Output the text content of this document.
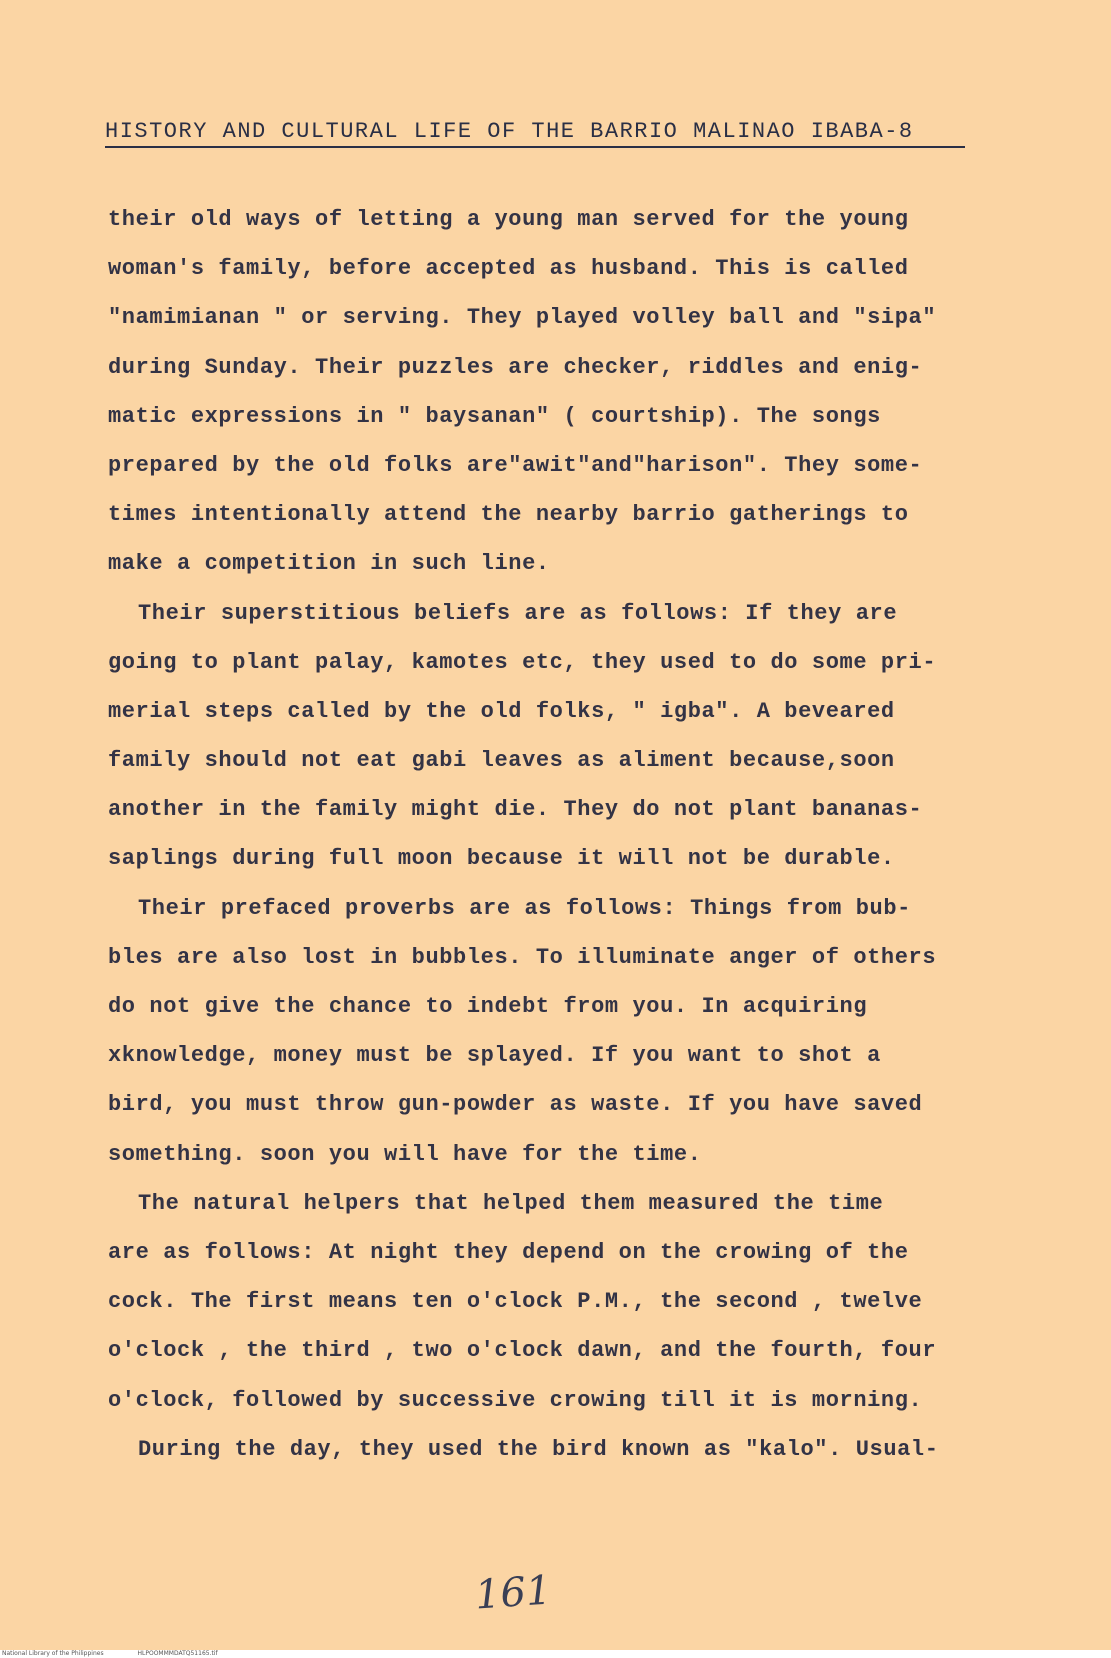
HISTORY AND CULTURAL LIFE OF THE BARRIO MALINAO IBABA-8
their old ways of letting a young man served for the young
woman's family, before accepted as husband. This is called
"namimianan " or serving. They played volley ball and "sipa"
during Sunday. Their puzzles are checker, riddles and enig-
matic expressions in " baysanan" ( courtship). The songs
prepared by the old folks are"awit"and"harison". They some-
times intentionally attend the nearby barrio gatherings to
make a competition in such line.
Their superstitious beliefs are as follows: If they are
going to plant palay, kamotes etc, they used to do some pri-
merial steps called by the old folks, " igba". A beveared
family should not eat gabi leaves as aliment because,soon
another in the family might die. They do not plant bananas-
saplings during full moon because it will not be durable.
Their prefaced proverbs are as follows: Things from bub-
bles are also lost in bubbles. To illuminate anger of others
do not give the chance to indebt from you. In acquiring
xknowledge, money must be splayed. If you want to shot a
bird, you must throw gun-powder as waste. If you have saved
something. soon you will have for the time.
The natural helpers that helped them measured the time
are as follows: At night they depend on the crowing of the
cock. The first means ten o'clock P.M., the second , twelve
o'clock , the third , two o'clock dawn, and the fourth, four
o'clock, followed by successive crowing till it is morning.
During the day, they used the bird known as "kalo". Usual-
161
National Library of the Philippines	HLPOOMMMDATQ51165.tif
